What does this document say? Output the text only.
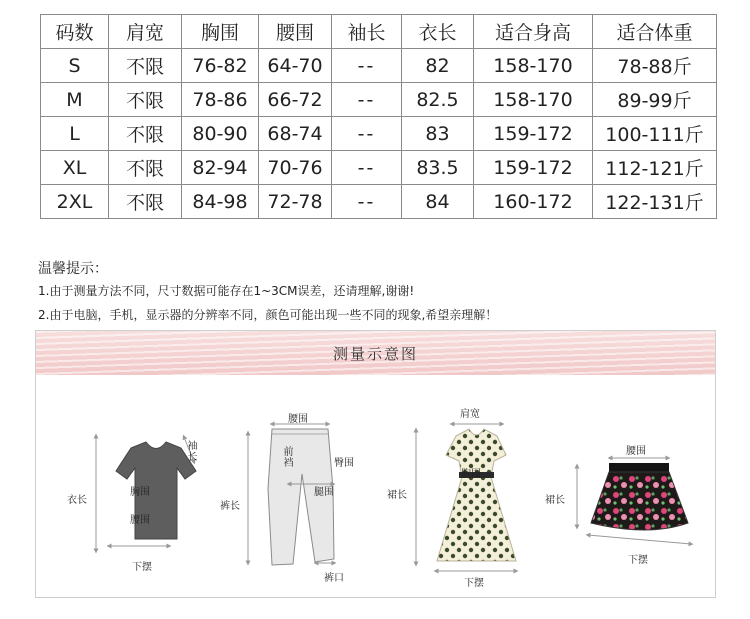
码数	肩宽	胸围	腰围	袖长	衣长	适合身高	适合体重
S	不限	76-82	64-70	--	82	158-170	78-88斤
M	不限	78-86	66-72	--	82.5	158-170	89-99斤
L	不限	80-90	68-74	--	83	159-172	100-111斤
XL	不限	82-94	70-76	--	83.5	159-172	112-121斤
2XL	不限	84-98	72-78	--	84	160-172	122-131斤
温馨提示：
1.由于测量方法不同，尺寸数据可能存在1~3CM误差，还请理解,谢谢!
2.由于电脑，手机，显示器的分辨率不同，颜色可能出现一些不同的现象,希望亲理解！
测量示意图
袖长
胸围
腰围
衣长
下摆
腰围
前裆	臀围
腿围
裤长
裤口
肩宽
胸围
裙长
下摆
腰围
裙长
下摆
